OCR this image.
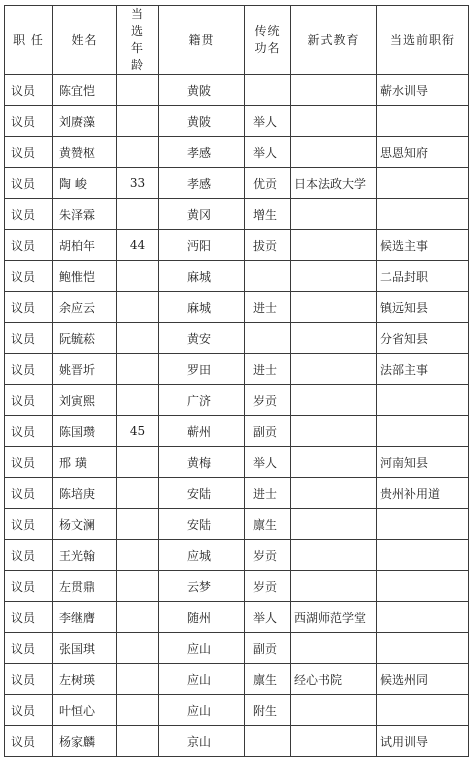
职 任	姓名	当选年龄	籍贯	传统功名	新式教育	当选前职衔
议员	陈宜恺		黄陂			蕲水训导
议员	刘赓藻		黄陂	举人		
议员	黄赞枢		孝感	举人		思恩知府
议员	陶 峻	33	孝感	优贡	日本法政大学	
议员	朱泽霖		黄冈	增生		
议员	胡柏年	44	沔阳	拔贡		候选主事
议员	鲍惟恺		麻城			二品封职
议员	余应云		麻城	进士		镇远知县
议员	阮毓菘		黄安			分省知县
议员	姚晋圻		罗田	进士		法部主事
议员	刘寅熙		广济	岁贡		
议员	陈国瓒	45	蕲州	副贡		
议员	邢 璜		黄梅	举人		河南知县
议员	陈培庚		安陆	进士		贵州补用道
议员	杨文澜		安陆	廪生		
议员	王光翰		应城	岁贡		
议员	左贯鼎		云梦	岁贡		
议员	李继膺		随州	举人	西湖师范学堂	
议员	张国琪		应山	副贡		
议员	左树瑛		应山	廪生	经心书院	候选州同
议员	叶恒心		应山	附生		
议员	杨家麟		京山			试用训导
